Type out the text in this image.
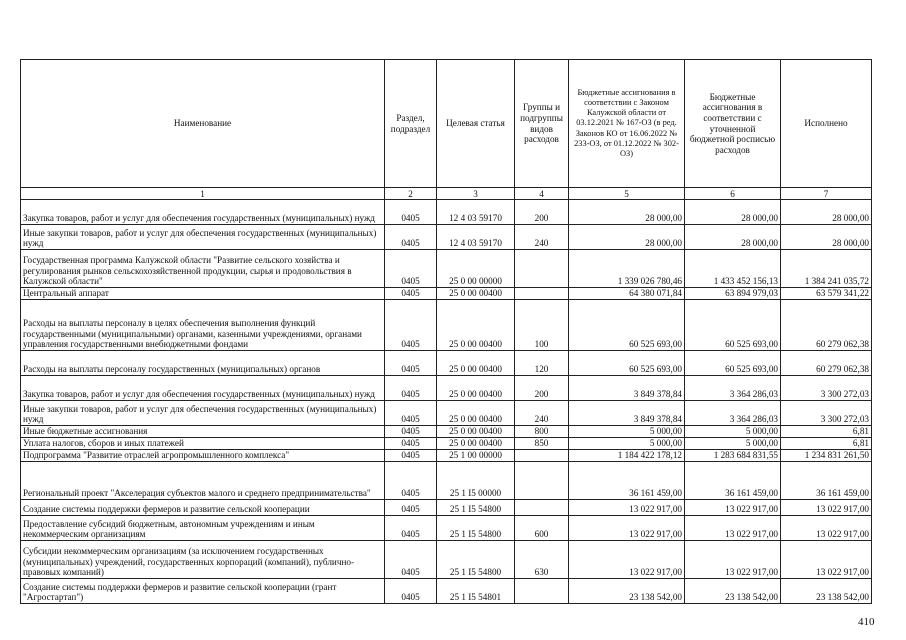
Наименование	Раздел, подраздел	Целевая статья	Группы и подгруппы видов расходов	Бюджетные ассигнования в соответствии с Законом Калужской области от 03.12.2021 № 167-ОЗ (в ред. Законов КО от 16.06.2022 № 233-ОЗ, от 01.12.2022 № 302-ОЗ)	Бюджетные ассигнования в соответствии с уточненной бюджетной росписью расходов	Исполнено
1	2	3	4	5	6	7
Закупка товаров, работ и услуг для обеспечения государственных (муниципальных) нужд	0405	12 4 03 59170	200	28 000,00	28 000,00	28 000,00
Иные закупки товаров, работ и услуг для обеспечения государственных (муниципальных) нужд	0405	12 4 03 59170	240	28 000,00	28 000,00	28 000,00
Государственная программа Калужской области "Развитие сельского хозяйства и регулирования рынков сельскохозяйственной продукции, сырья и продовольствия в Калужской области"	0405	25 0 00 00000		1 339 026 780,46	1 433 452 156,13	1 384 241 035,72
Центральный аппарат	0405	25 0 00 00400		64 380 071,84	63 894 979,03	63 579 341,22
Расходы на выплаты персоналу в целях обеспечения выполнения функций государственными (муниципальными) органами, казенными учреждениями, органами управления государственными внебюджетными фондами	0405	25 0 00 00400	100	60 525 693,00	60 525 693,00	60 279 062,38
Расходы на выплаты персоналу государственных (муниципальных) органов	0405	25 0 00 00400	120	60 525 693,00	60 525 693,00	60 279 062,38
Закупка товаров, работ и услуг для обеспечения государственных (муниципальных) нужд	0405	25 0 00 00400	200	3 849 378,84	3 364 286,03	3 300 272,03
Иные закупки товаров, работ и услуг для обеспечения государственных (муниципальных) нужд	0405	25 0 00 00400	240	3 849 378,84	3 364 286,03	3 300 272,03
Иные бюджетные ассигнования	0405	25 0 00 00400	800	5 000,00	5 000,00	6,81
Уплата налогов, сборов и иных платежей	0405	25 0 00 00400	850	5 000,00	5 000,00	6,81
Подпрограмма "Развитие отраслей агропромышленного комплекса"	0405	25 1 00 00000		1 184 422 178,12	1 283 684 831,55	1 234 831 261,50
Региональный проект "Акселерация субъектов малого и среднего предпринимательства"	0405	25 1 I5 00000		36 161 459,00	36 161 459,00	36 161 459,00
Создание системы поддержки фермеров и развитие сельской кооперации	0405	25 1 I5 54800		13 022 917,00	13 022 917,00	13 022 917,00
Предоставление субсидий бюджетным, автономным учреждениям и иным некоммерческим организациям	0405	25 1 I5 54800	600	13 022 917,00	13 022 917,00	13 022 917,00
Субсидии некоммерческим организациям (за исключением государственных (муниципальных) учреждений, государственных корпораций (компаний), публично-правовых компаний)	0405	25 1 I5 54800	630	13 022 917,00	13 022 917,00	13 022 917,00
Создание системы поддержки фермеров и развитие сельской кооперации (грант "Агростартап")	0405	25 1 I5 54801		23 138 542,00	23 138 542,00	23 138 542,00
410
